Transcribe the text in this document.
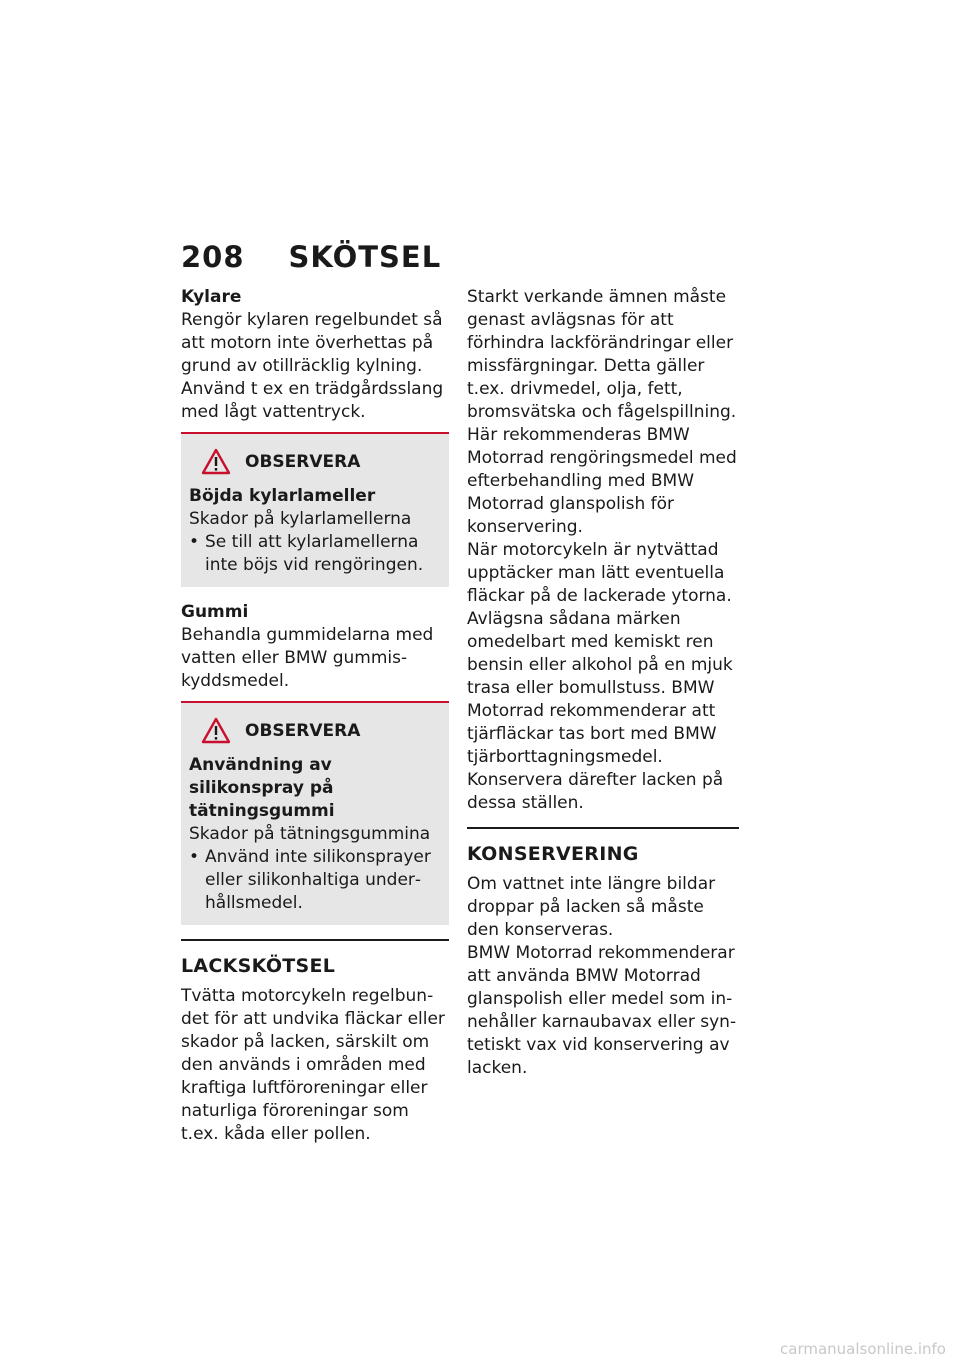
208 SKÖTSEL

Kylare

Rengör kylaren regelbundet så att motorn inte överhettas på grund av otillräcklig kylning. Använd t ex en trädgårdsslang med lågt vattentryck.

OBSERVERA

Böjda kylarlameller

Skador på kylarlamellerna

• Se till att kylarlamellerna inte böjs vid rengöringen.

Gummi

Behandla gummidelarna med vatten eller BMW gummiskyddsmedel.

OBSERVERA

Användning av silikonspray på tätningsgummi

Skador på tätningsgummina

• Använd inte silikonsprayer eller silikonhaltiga underhållsmedel.

LACKSKÖTSEL

Tvätta motorcykeln regelbundet för att undvika fläckar eller skador på lacken, särskilt om den används i områden med kraftiga luftföroreningar eller naturliga föroreningar som t.ex. kåda eller pollen.

Starkt verkande ämnen måste genast avlägsnas för att förhindra lackförändringar eller missfärgningar. Detta gäller t.ex. drivmedel, olja, fett, bromsvätska och fågelspillning. Här rekommenderas BMW Motorrad rengöringsmedel med efterbehandling med BMW Motorrad glanspolish för konservering.

När motorcykeln är nytvättad upptäcker man lätt eventuella fläckar på de lackerade ytorna. Avlägsna sådana märken omedelbart med kemiskt ren bensin eller alkohol på en mjuk trasa eller bomullstuss. BMW Motorrad rekommenderar att tjärfläckar tas bort med BMW tjärborttagningsmedel. Konservera därefter lacken på dessa ställen.

KONSERVERING

Om vattnet inte längre bildar droppar på lacken så måste den konserveras.

BMW Motorrad rekommenderar att använda BMW Motorrad glanspolish eller medel som innehåller karnaubavax eller syntetiskt vax vid konservering av lacken.

carmanualsonline.info
